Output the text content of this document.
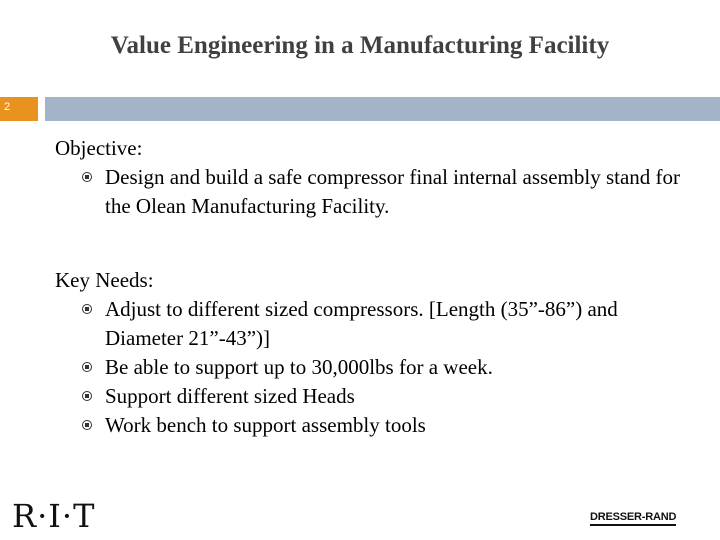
Value Engineering in a Manufacturing Facility
2
Objective:
Design and build a safe compressor final internal assembly stand for the Olean Manufacturing Facility.
Key Needs:
Adjust to different sized compressors. [Length (35”-86”) and Diameter 21”-43”)]
Be able to support up to 30,000lbs for a week.
Support different sized Heads
Work bench to support assembly tools
R·I·T	DRESSER-RAND
